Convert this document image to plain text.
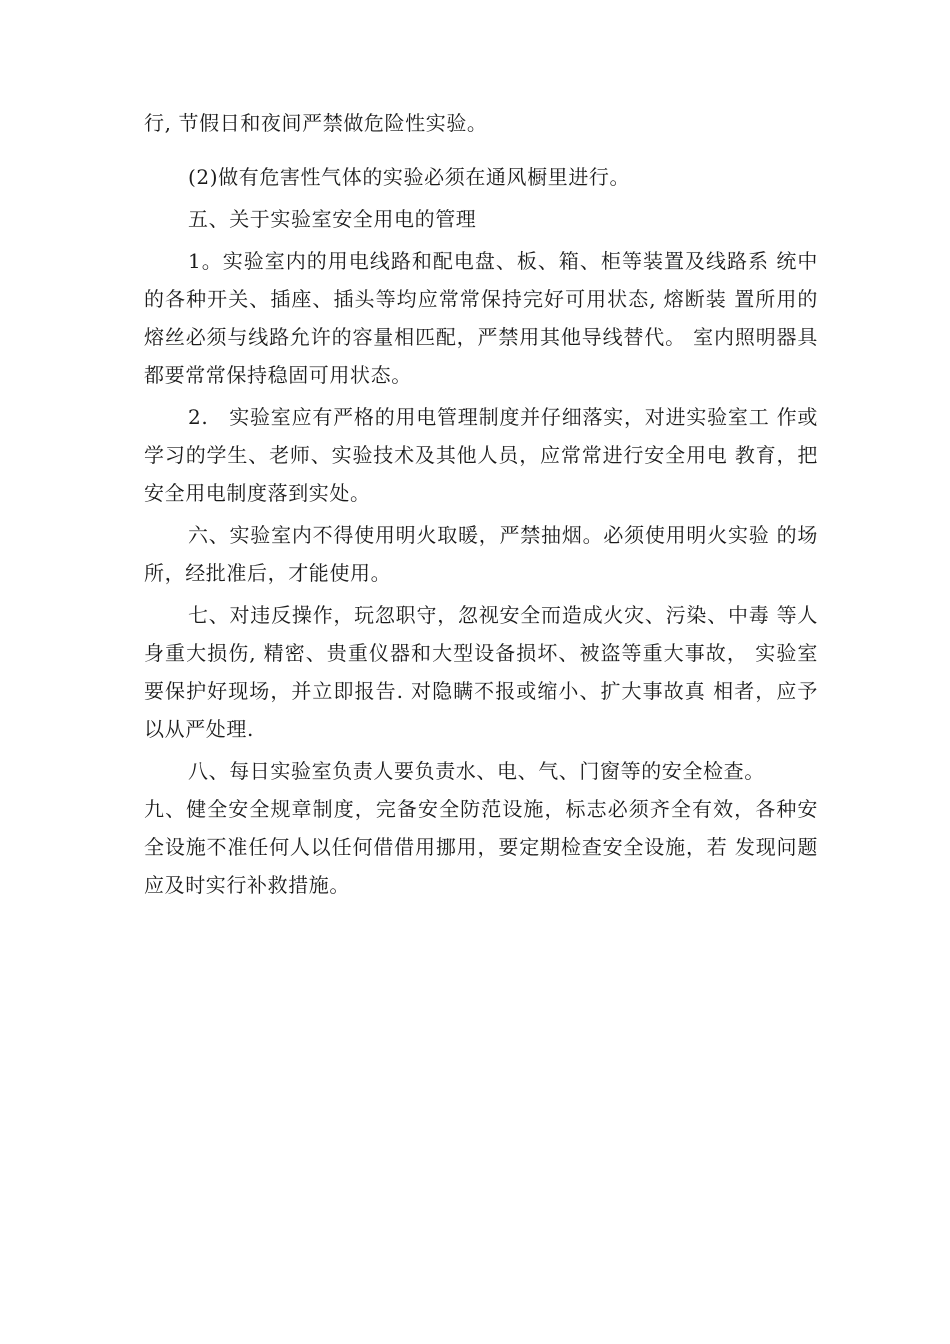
行, 节假日和夜间严禁做危险性实验。

(2)做有危害性气体的实验必须在通风橱里进行。

五、关于实验室安全用电的管理

1。实验室内的用电线路和配电盘、板、箱、柜等装置及线路系 统中的各种开关、插座、插头等均应常常保持完好可用状态, 熔断装 置所用的熔丝必须与线路允许的容量相匹配，严禁用其他导线替代。 室内照明器具都要常常保持稳固可用状态。

2.　实验室应有严格的用电管理制度并仔细落实，对进实验室工 作或学习的学生、老师、实验技术及其他人员，应常常进行安全用电 教育，把安全用电制度落到实处。

六、实验室内不得使用明火取暖，严禁抽烟。必须使用明火实验 的场所，经批准后，才能使用。

七、对违反操作，玩忽职守，忽视安全而造成火灾、污染、中毒 等人身重大损伤, 精密、贵重仪器和大型设备损坏、被盗等重大事故， 实验室要保护好现场，并立即报告. 对隐瞒不报或缩小、扩大事故真 相者，应予以从严处理.

八、每日实验室负责人要负责水、电、气、门窗等的安全检查。

九、健全安全规章制度，完备安全防范设施，标志必须齐全有效，各种安全设施不准任何人以任何借借用挪用，要定期检查安全设施，若 发现问题应及时实行补救措施。
